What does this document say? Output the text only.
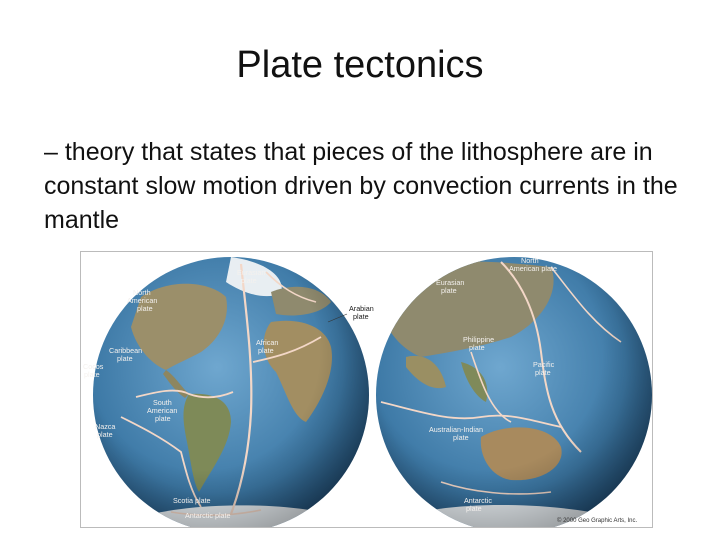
Plate tectonics
– theory that states that pieces of the lithosphere are in constant slow motion driven by convection currents in the mantle
Eurasian plate
North American plate	Arabian plate
African plate
Caribbean plate
Cocos plate
South American plate
Nazca plate
Scotia plate
Antarctic plate
North American plate
Eurasian plate
Philippine plate
Pacific plate
Australian-Indian plate
Antarctic plate
© 2000 Geo Graphic Arts, Inc.
